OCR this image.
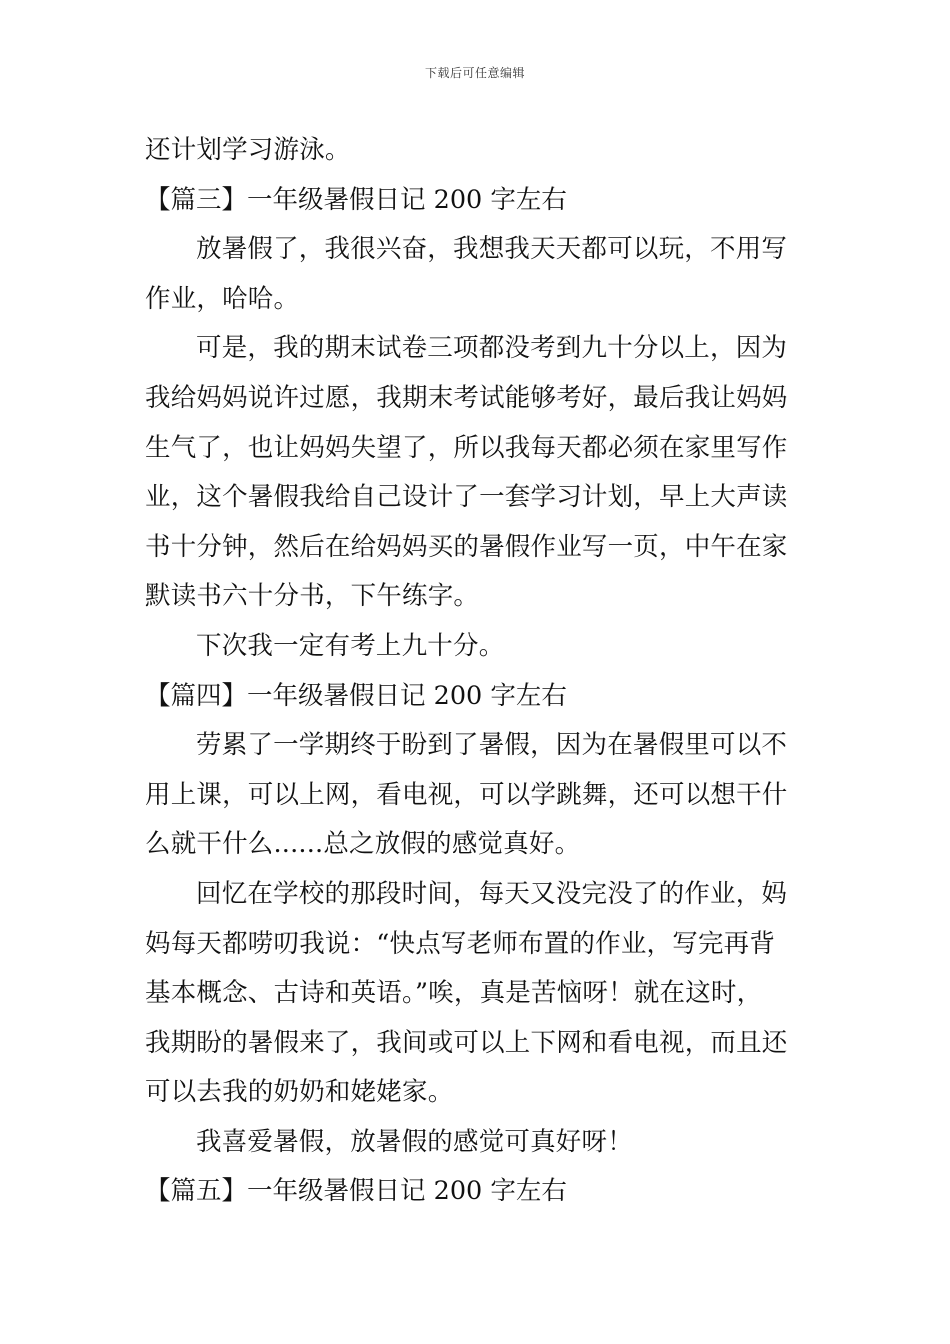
下载后可任意编辑
还计划学习游泳。
【篇三】一年级暑假日记 200 字左右
放暑假了，我很兴奋，我想我天天都可以玩，不用写
作业，哈哈。
可是，我的期末试卷三项都没考到九十分以上，因为
我给妈妈说许过愿，我期末考试能够考好，最后我让妈妈
生气了，也让妈妈失望了，所以我每天都必须在家里写作
业，这个暑假我给自己设计了一套学习计划，早上大声读
书十分钟，然后在给妈妈买的暑假作业写一页，中午在家
默读书六十分书，下午练字。
下次我一定有考上九十分。
【篇四】一年级暑假日记 200 字左右
劳累了一学期终于盼到了暑假，因为在暑假里可以不
用上课，可以上网，看电视，可以学跳舞，还可以想干什
么就干什么......总之放假的感觉真好。
回忆在学校的那段时间，每天又没完没了的作业，妈
妈每天都唠叨我说：“快点写老师布置的作业，写完再背
基本概念、古诗和英语。”唉，真是苦恼呀！就在这时，
我期盼的暑假来了，我间或可以上下网和看电视，而且还
可以去我的奶奶和姥姥家。
我喜爱暑假，放暑假的感觉可真好呀！
【篇五】一年级暑假日记 200 字左右
